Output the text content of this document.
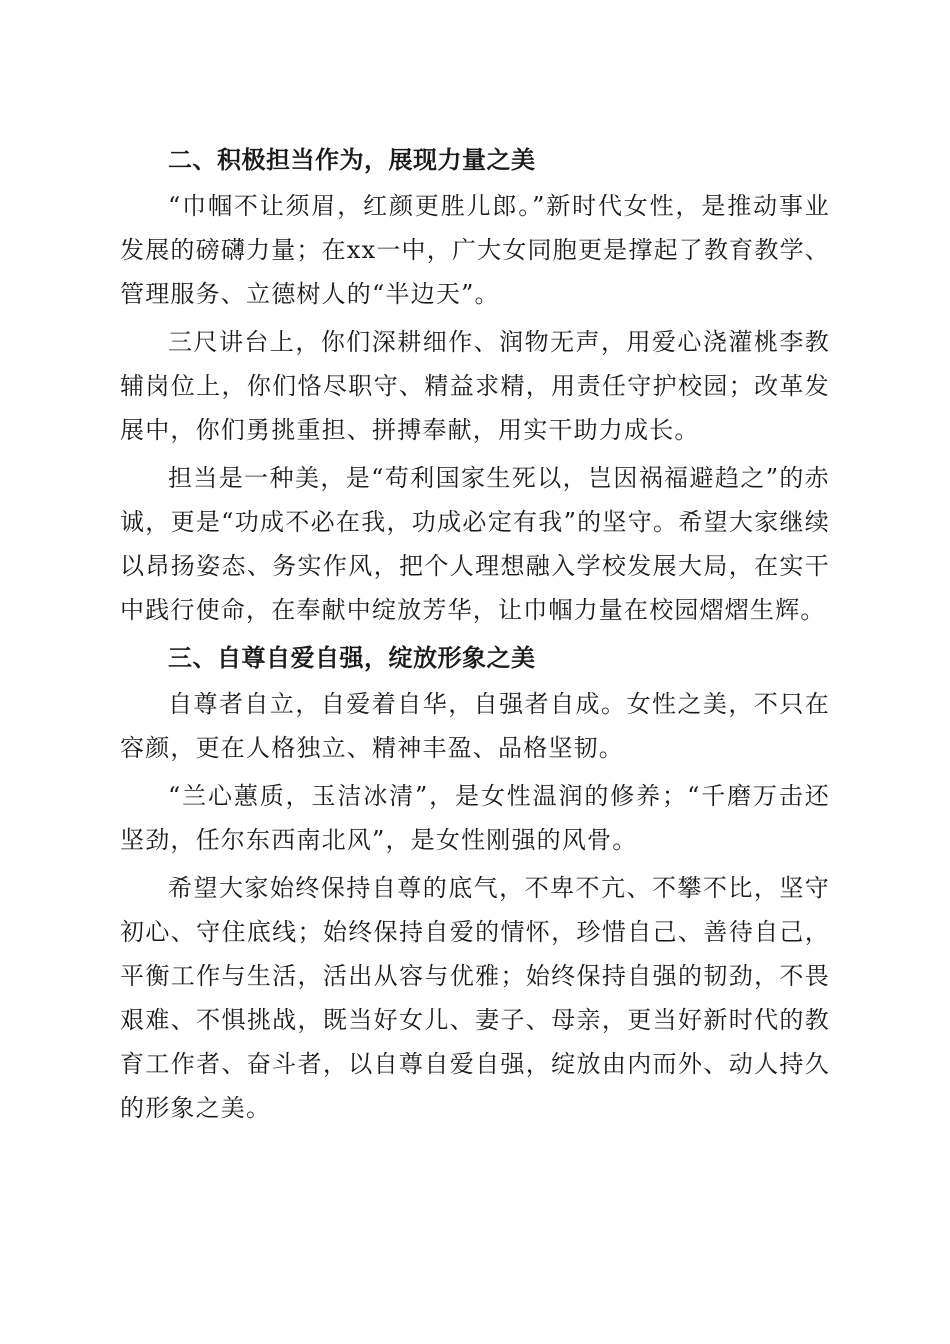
二、积极担当作为，展现力量之美

“巾帼不让须眉，红颜更胜儿郎。”新时代女性，是推动事业发展的磅礴力量；在xx一中，广大女同胞更是撑起了教育教学、管理服务、立德树人的“半边天”。

三尺讲台上，你们深耕细作、润物无声，用爱心浇灌桃李教辅岗位上，你们恪尽职守、精益求精，用责任守护校园；改革发展中，你们勇挑重担、拼搏奉献，用实干助力成长。

担当是一种美，是“苟利国家生死以，岂因祸福避趋之”的赤诚，更是“功成不必在我，功成必定有我”的坚守。希望大家继续以昂扬姿态、务实作风，把个人理想融入学校发展大局，在实干中践行使命，在奉献中绽放芳华，让巾帼力量在校园熠熠生辉。

三、自尊自爱自强，绽放形象之美

自尊者自立，自爱着自华，自强者自成。女性之美，不只在容颜，更在人格独立、精神丰盈、品格坚韧。

“兰心蕙质，玉洁冰清”，是女性温润的修养；“千磨万击还坚劲，任尔东西南北风”，是女性刚强的风骨。

希望大家始终保持自尊的底气，不卑不亢、不攀不比，坚守初心、守住底线；始终保持自爱的情怀，珍惜自己、善待自己，平衡工作与生活，活出从容与优雅；始终保持自强的韧劲，不畏艰难、不惧挑战，既当好女儿、妻子、母亲，更当好新时代的教育工作者、奋斗者，以自尊自爱自强，绽放由内而外、动人持久的形象之美。
